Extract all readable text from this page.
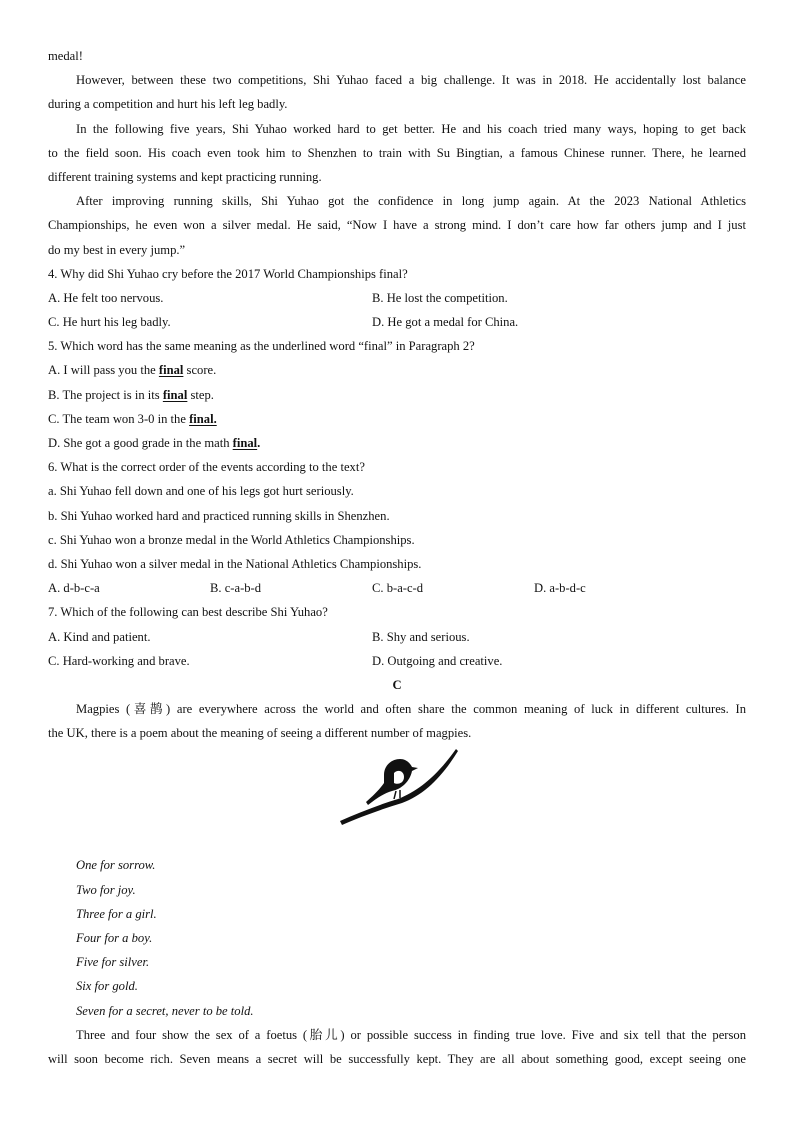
medal!
However, between these two competitions, Shi Yuhao faced a big challenge. It was in 2018. He accidentally lost balance
during a competition and hurt his left leg badly.
In the following five years, Shi Yuhao worked hard to get better. He and his coach tried many ways, hoping to get back
to the field soon. His coach even took him to Shenzhen to train with Su Bingtian, a famous Chinese runner. There, he learned
different training systems and kept practicing running.
After improving running skills, Shi Yuhao got the confidence in long jump again. At the 2023 National Athletics
Championships, he even won a silver medal. He said, “Now I have a strong mind. I don’t care how far others jump and I just
do my best in every jump.”
4. Why did Shi Yuhao cry before the 2017 World Championships final?
A. He felt too nervous.	B. He lost the competition.
C. He hurt his leg badly.	D. He got a medal for China.
5. Which word has the same meaning as the underlined word “final” in Paragraph 2?
A. I will pass you the final score.
B. The project is in its final step.
C. The team won 3-0 in the final.
D. She got a good grade in the math final.
6. What is the correct order of the events according to the text?
a. Shi Yuhao fell down and one of his legs got hurt seriously.
b. Shi Yuhao worked hard and practiced running skills in Shenzhen.
c. Shi Yuhao won a bronze medal in the World Athletics Championships.
d. Shi Yuhao won a silver medal in the National Athletics Championships.
A. d-b-c-a	B. c-a-b-d	C. b-a-c-d	D. a-b-d-c
7. Which of the following can best describe Shi Yuhao?
A. Kind and patient.	B. Shy and serious.
C. Hard-working and brave.	D. Outgoing and creative.
C
Magpies (喜鹊) are everywhere across the world and often share the common meaning of luck in different cultures. In
the UK, there is a poem about the meaning of seeing a different number of magpies.
One for sorrow.
Two for joy.
Three for a girl.
Four for a boy.
Five for silver.
Six for gold.
Seven for a secret, never to be told.
Three and four show the sex of a foetus (胎儿) or possible success in finding true love. Five and six tell that the person
will soon become rich. Seven means a secret will be successfully kept. They are all about something good, except seeing one
